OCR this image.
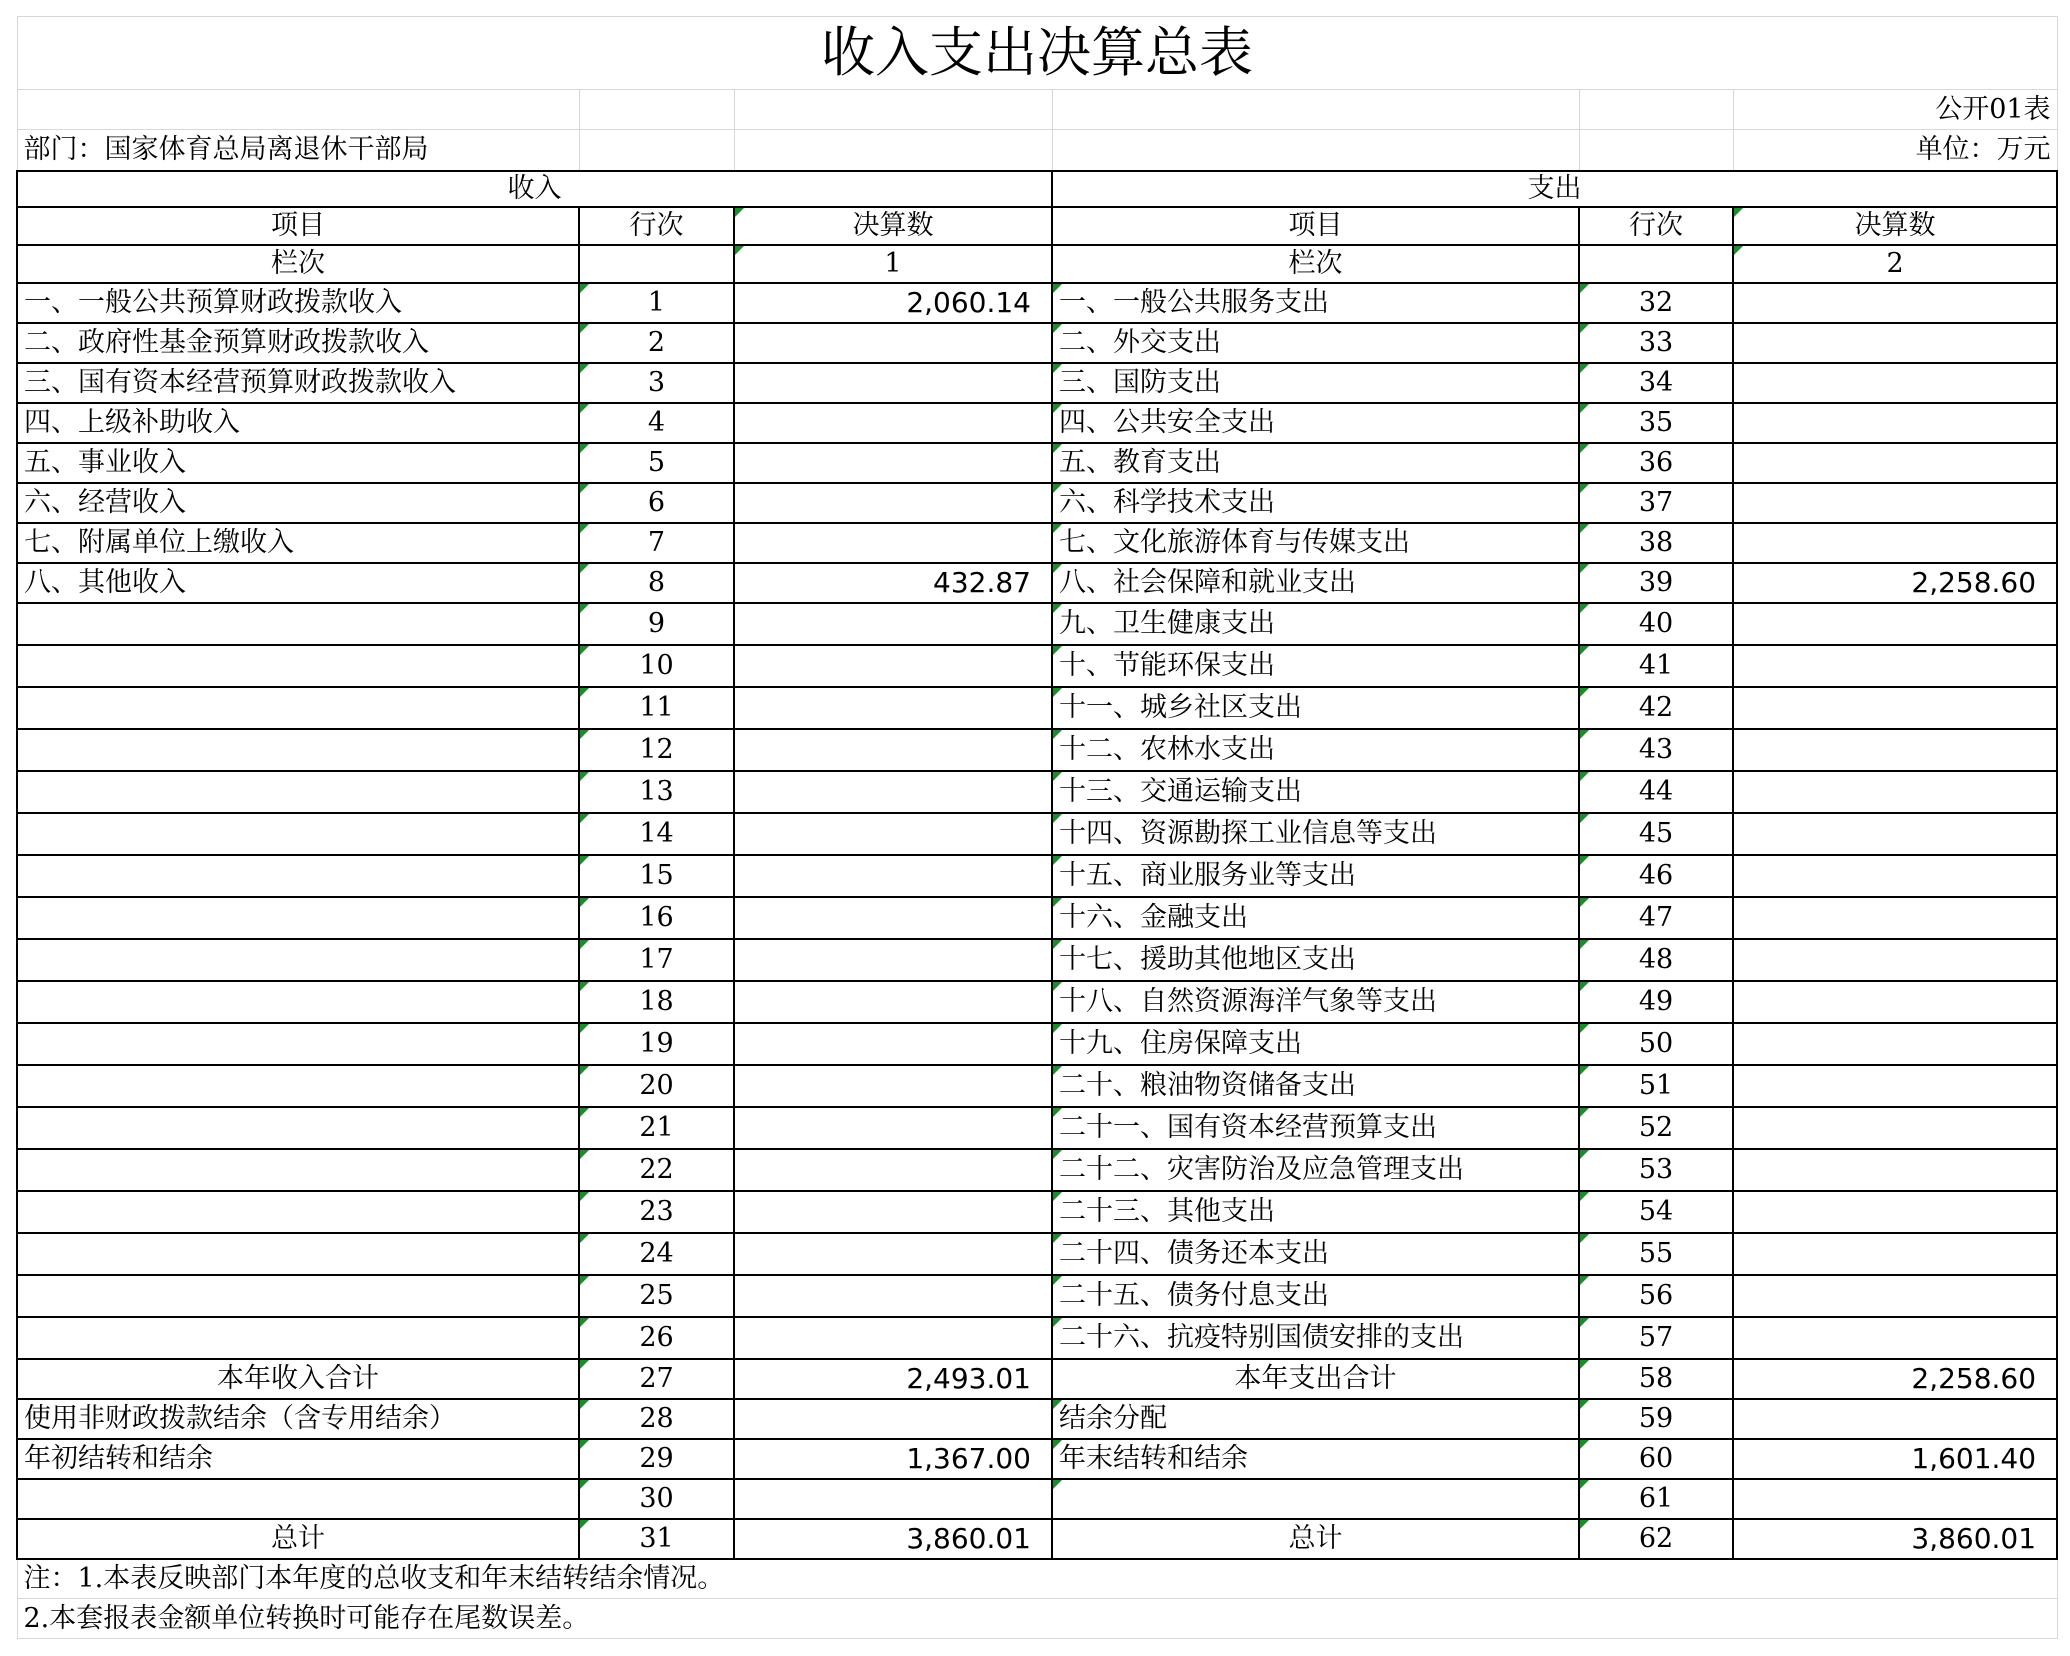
收入支出决算总表					
					公开01表
部门：国家体育总局离退休干部局					单位：万元
收入			支出		
项目	行次	决算数	项目	行次	决算数
栏次		1	栏次		2
一、一般公共预算财政拨款收入	1	2,060.14	一、一般公共服务支出	32	
二、政府性基金预算财政拨款收入	2		二、外交支出	33	
三、国有资本经营预算财政拨款收入	3		三、国防支出	34	
四、上级补助收入	4		四、公共安全支出	35	
五、事业收入	5		五、教育支出	36	
六、经营收入	6		六、科学技术支出	37	
七、附属单位上缴收入	7		七、文化旅游体育与传媒支出	38	
八、其他收入	8	432.87	八、社会保障和就业支出	39	2,258.60
	9		九、卫生健康支出	40	
	10		十、节能环保支出	41	
	11		十一、城乡社区支出	42	
	12		十二、农林水支出	43	
	13		十三、交通运输支出	44	
	14		十四、资源勘探工业信息等支出	45	
	15		十五、商业服务业等支出	46	
	16		十六、金融支出	47	
	17		十七、援助其他地区支出	48	
	18		十八、自然资源海洋气象等支出	49	
	19		十九、住房保障支出	50	
	20		二十、粮油物资储备支出	51	
	21		二十一、国有资本经营预算支出	52	
	22		二十二、灾害防治及应急管理支出	53	
	23		二十三、其他支出	54	
	24		二十四、债务还本支出	55	
	25		二十五、债务付息支出	56	
	26		二十六、抗疫特别国债安排的支出	57	
本年收入合计	27	2,493.01	本年支出合计	58	2,258.60
使用非财政拨款结余（含专用结余）	28		结余分配	59	
年初结转和结余	29	1,367.00	年末结转和结余	60	1,601.40
	30			61	
总计	31	3,860.01	总计	62	3,860.01
注：1.本表反映部门本年度的总收支和年末结转结余情况。					
2.本套报表金额单位转换时可能存在尾数误差。					
